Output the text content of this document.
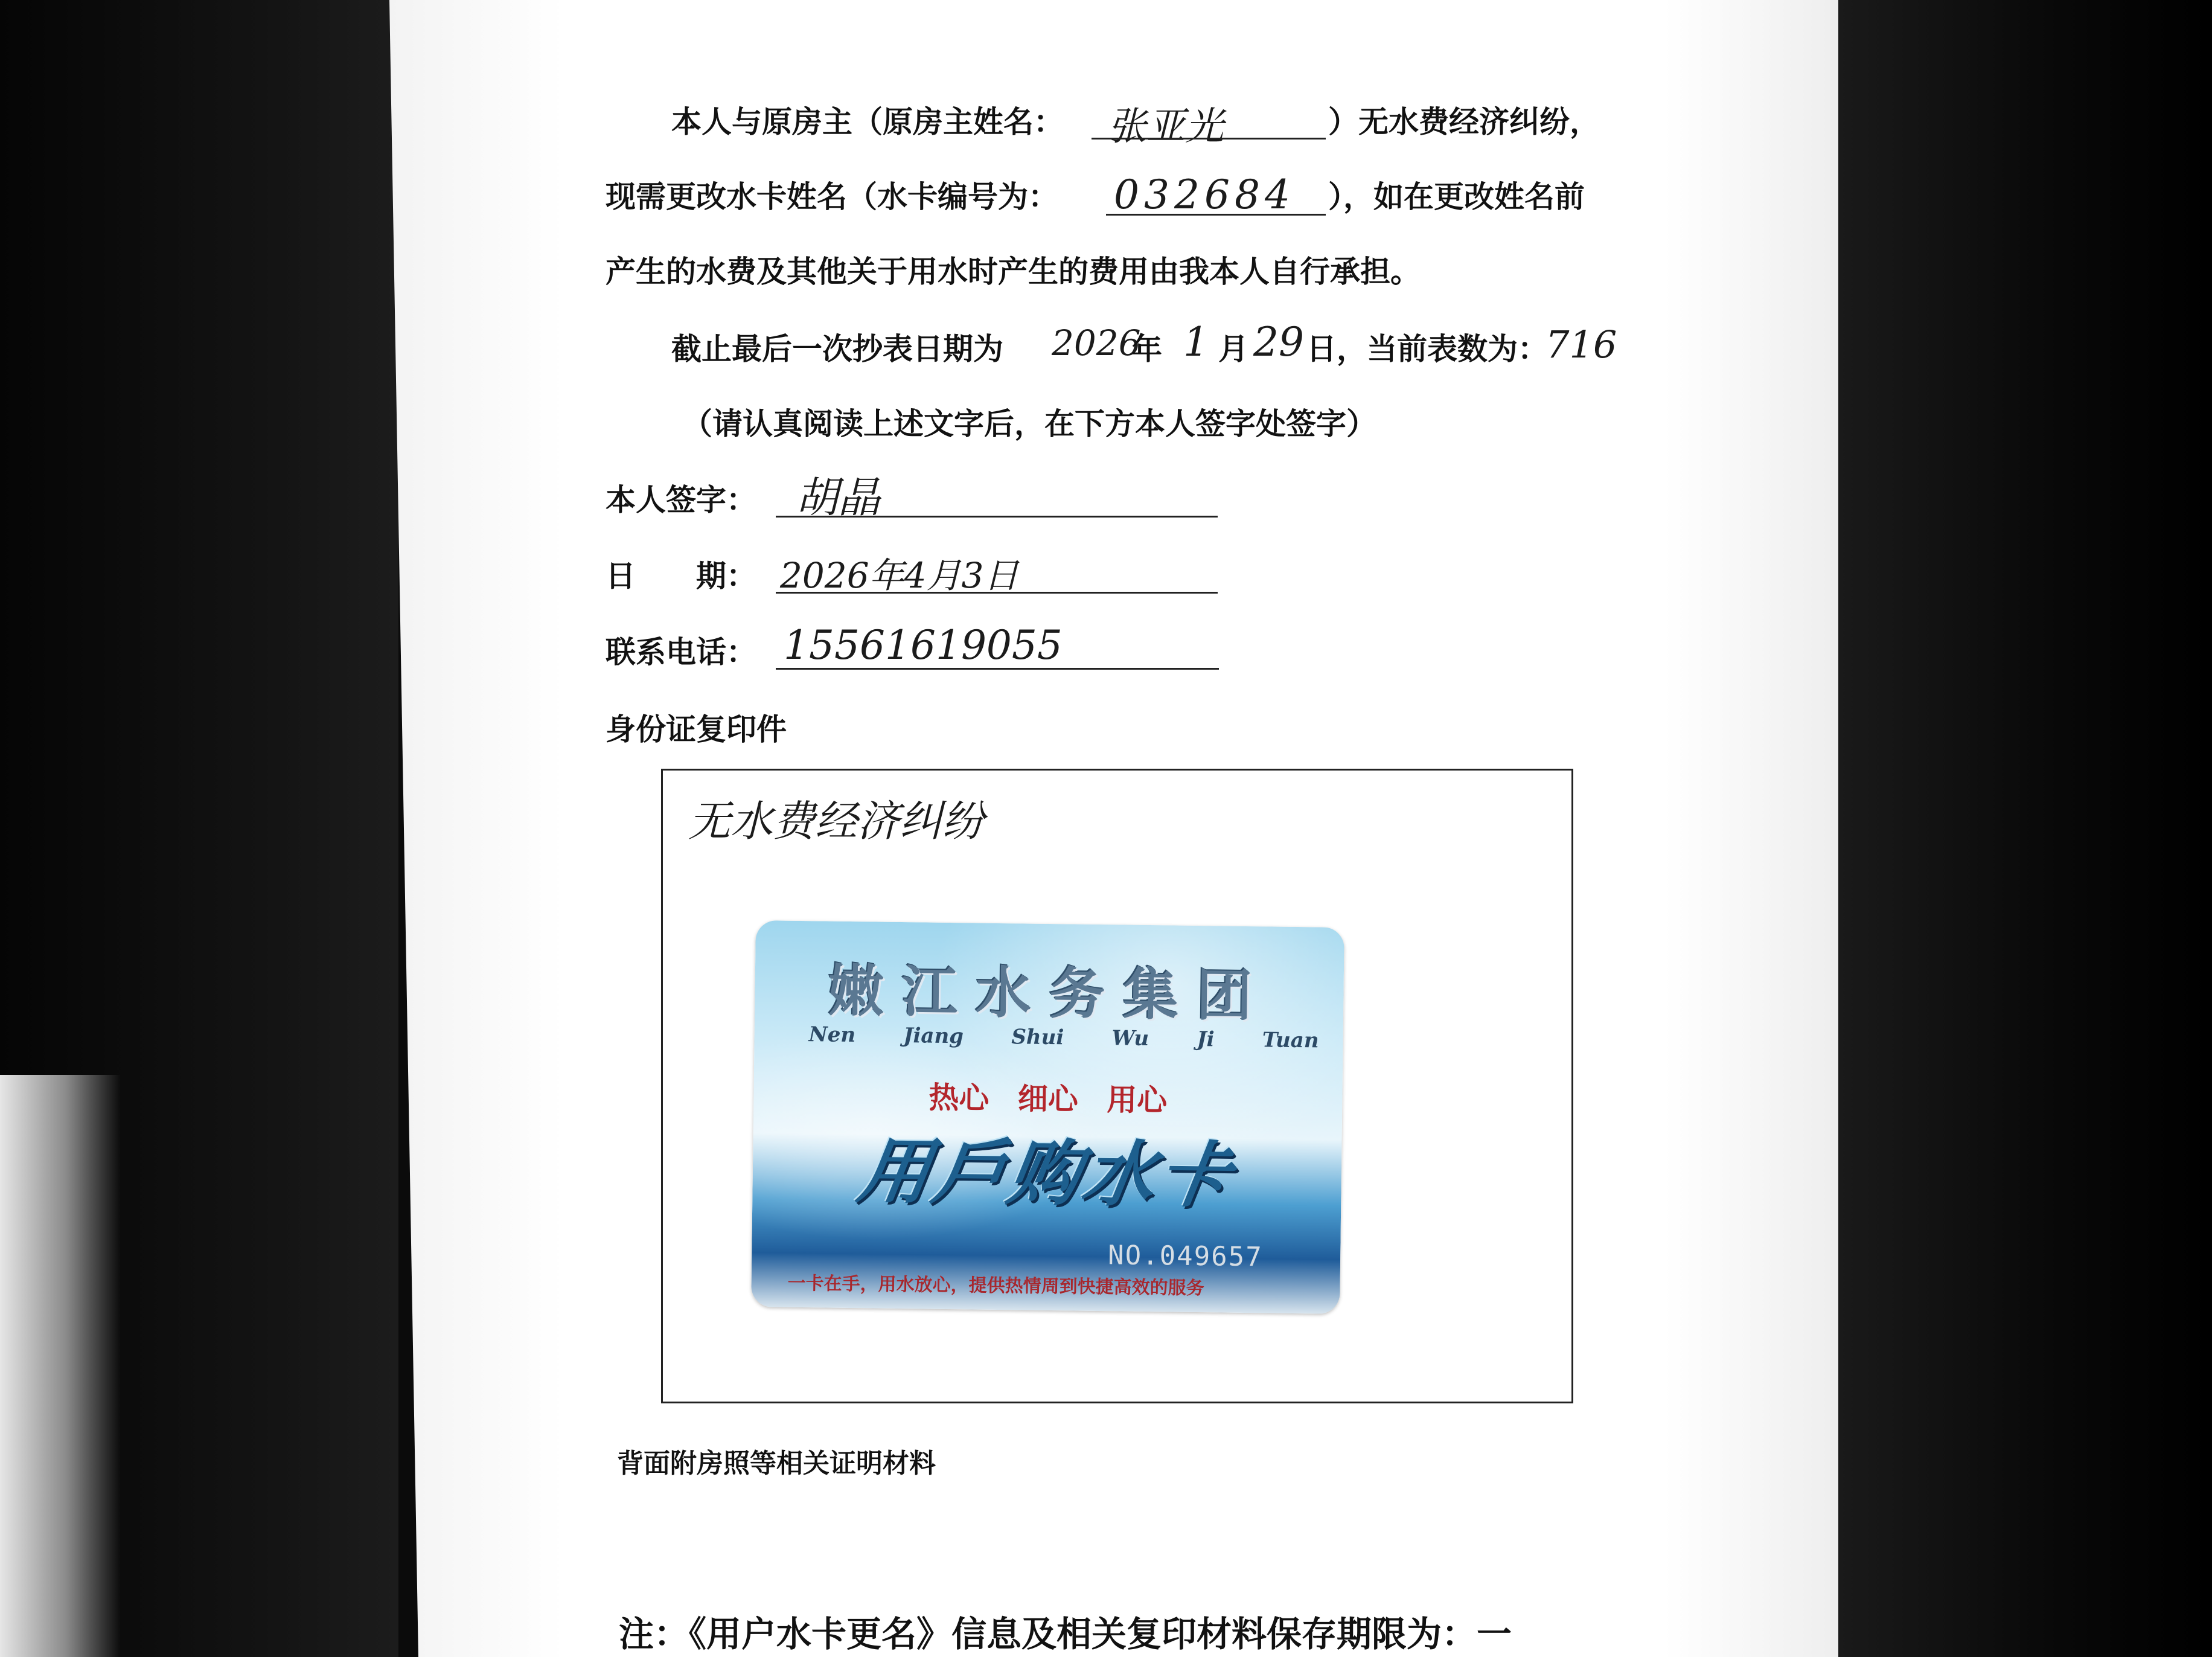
本人与原房主（原房主姓名： 张亚光	）无水费经济纠纷，
现需更改水卡姓名（水卡编号为： 032684 ），如在更改姓名前
产生的水费及其他关于用水时产生的费用由我本人自行承担。
截止最后一次抄表日期为 2026
年 1 月 29 日，当前表数为：
716
（请认真阅读上述文字后，在下方本人签字处签字）
本人签字： 胡晶
日　　期： 2026年4月3日
联系电话： 15561619055
身份证复印件
无水费经济纠纷
嫩江水务集团
Nen Jiang Shui Wu Ji Tuan
热心 细心 用心
用戶购水卡
NO.049657
一卡在手，用水放心，提供热情周到快捷高效的服务
背面附房照等相关证明材料
注：《用户水卡更名》信息及相关复印材料保存期限为：一
